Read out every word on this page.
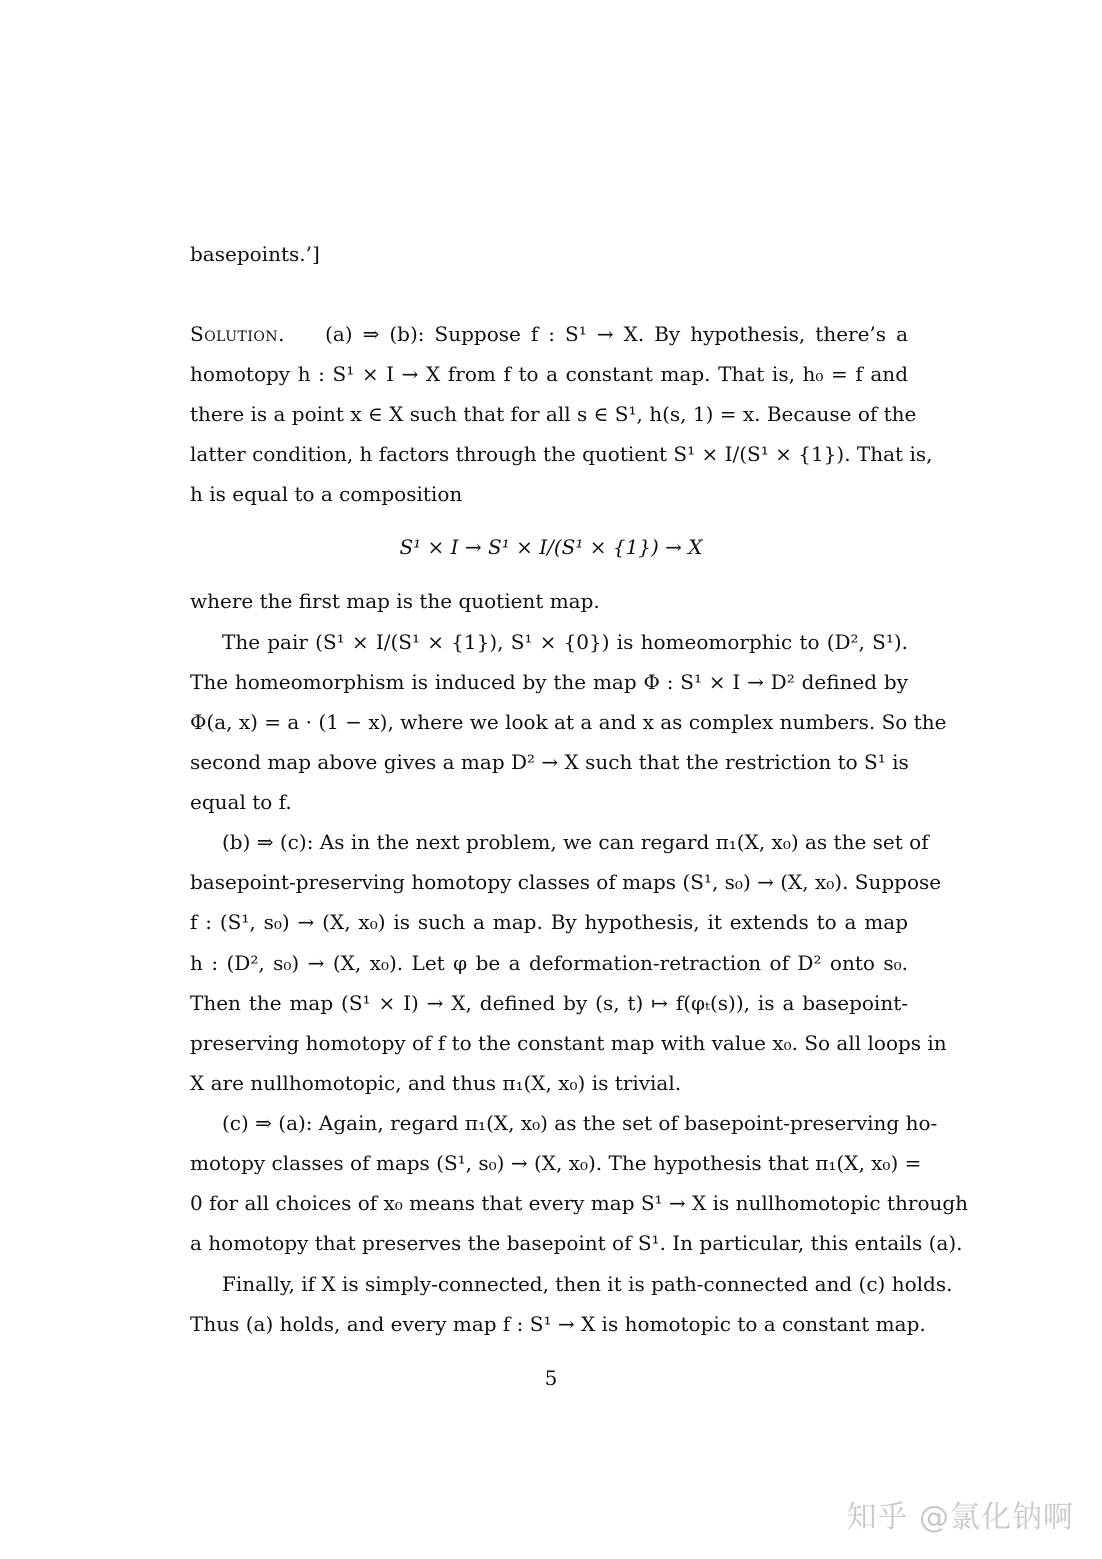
basepoints.’]
Solution. (a) ⇒ (b): Suppose f : S¹ → X. By hypothesis, there’s a
homotopy h : S¹ × I → X from f to a constant map. That is, h₀ = f and
there is a point x ∈ X such that for all s ∈ S¹, h(s, 1) = x. Because of the
latter condition, h factors through the quotient S¹ × I/(S¹ × {1}). That is,
h is equal to a composition
S¹ × I → S¹ × I/(S¹ × {1}) → X
where the first map is the quotient map.
The pair (S¹ × I/(S¹ × {1}), S¹ × {0}) is homeomorphic to (D², S¹).
The homeomorphism is induced by the map Φ : S¹ × I → D² defined by
Φ(a, x) = a · (1 − x), where we look at a and x as complex numbers. So the
second map above gives a map D² → X such that the restriction to S¹ is
equal to f.
(b) ⇒ (c): As in the next problem, we can regard π₁(X, x₀) as the set of
basepoint-preserving homotopy classes of maps (S¹, s₀) → (X, x₀). Suppose
f : (S¹, s₀) → (X, x₀) is such a map. By hypothesis, it extends to a map
h : (D², s₀) → (X, x₀). Let φ be a deformation-retraction of D² onto s₀.
Then the map (S¹ × I) → X, defined by (s, t) ↦ f(φₜ(s)), is a basepoint-
preserving homotopy of f to the constant map with value x₀. So all loops in
X are nullhomotopic, and thus π₁(X, x₀) is trivial.
(c) ⇒ (a): Again, regard π₁(X, x₀) as the set of basepoint-preserving ho-
motopy classes of maps (S¹, s₀) → (X, x₀). The hypothesis that π₁(X, x₀) =
0 for all choices of x₀ means that every map S¹ → X is nullhomotopic through
a homotopy that preserves the basepoint of S¹. In particular, this entails (a).
Finally, if X is simply-connected, then it is path-connected and (c) holds.
Thus (a) holds, and every map f : S¹ → X is homotopic to a constant map.
5
知乎 @氯化钠啊
